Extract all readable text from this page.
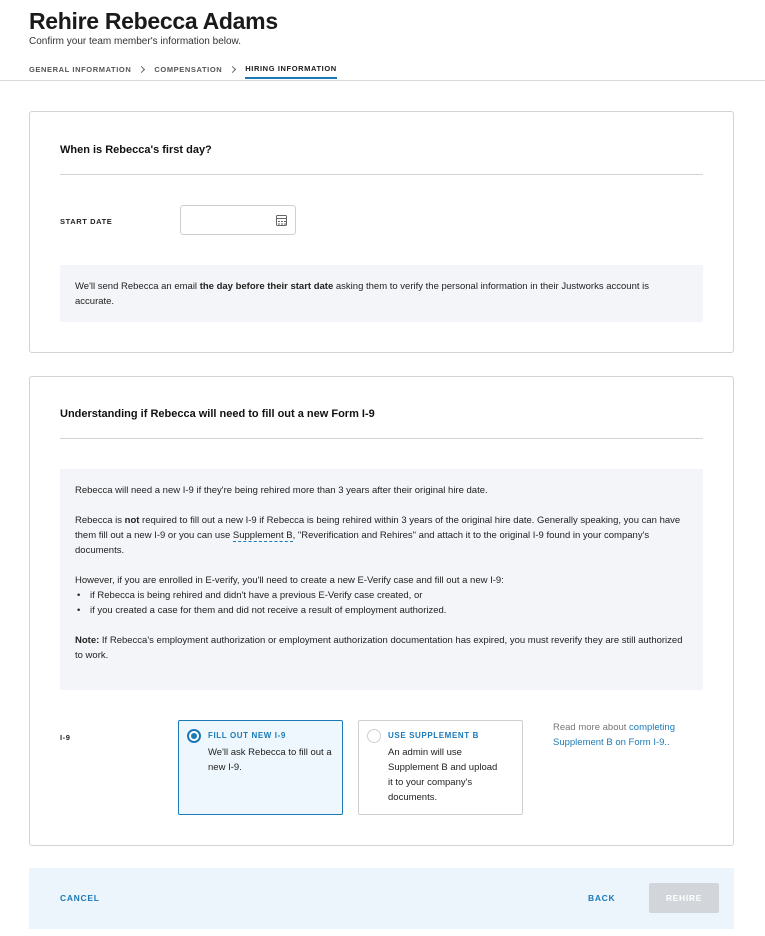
Rehire Rebecca Adams
Confirm your team member's information below.
GENERAL INFORMATION	COMPENSATION	HIRING INFORMATION
When is Rebecca's first day?
START DATE
We'll send Rebecca an email the day before their start date asking them to verify the personal information in their Justworks account is accurate.
Understanding if Rebecca will need to fill out a new Form I-9

Rebecca will need a new I-9 if they're being rehired more than 3 years after their original hire date.

Rebecca is not required to fill out a new I-9 if Rebecca is being rehired within 3 years of the original hire date. Generally speaking, you can have them fill out a new I-9 or you can use Supplement B, "Reverification and Rehires" and attach it to the original I-9 found in your company's documents.

However, if you are enrolled in E-verify, you'll need to create a new E-Verify case and fill out a new I-9:

• if Rebecca is being rehired and didn't have a previous E-Verify case created, or
• if you created a case for them and did not receive a result of employment authorized.

Note: If Rebecca's employment authorization or employment authorization documentation has expired, you must reverify they are still authorized to work.

I-9	FILL OUT NEW I-9
We'll ask Rebecca to fill out a new I-9.
USE SUPPLEMENT B
An admin will use Supplement B and upload it to your company's documents.
Read more about completing Supplement B on Form I-9..
CANCEL	BACK	REHIRE
